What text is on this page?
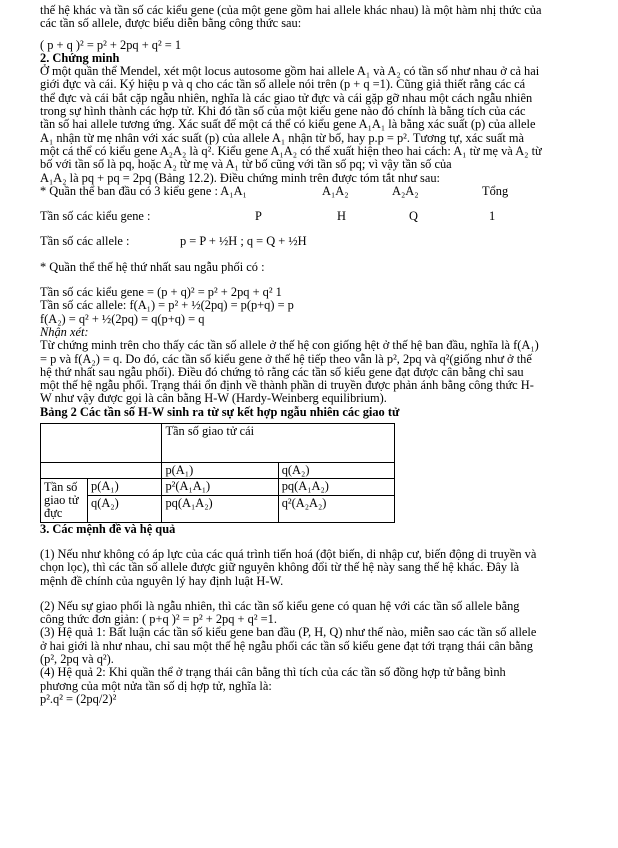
thế hệ khác và tần số các kiểu gene (của một gene gồm hai allele khác nhau) là một hàm nhị thức của

các tần số allele, được biểu diễn bằng công thức sau:

( p + q )² = p² + 2pq + q² = 1

2. Chứng minh

Ở một quần thể Mendel, xét một locus autosome gồm hai allele A₁ và A₂ có tần số như nhau ở cả hai

giới đực và cái. Ký hiệu p và q cho các tần số allele nói trên (p + q =1). Cũng giả thiết rằng các cá

thể đực và cái bắt cặp ngẫu nhiên, nghĩa là các giao tử đực và cái gặp gỡ nhau một cách ngẫu nhiên

trong sự hình thành các hợp tử. Khi đó tần số của một kiểu gene nào đó chính là bằng tích của các

tần số hai allele tương ứng. Xác suất để một cá thể có kiểu gene A₁A₁ là bằng xác suất (p) của allele

A₁ nhận từ mẹ nhân với xác suất (p) của allele A₁ nhận từ bố, hay p.p = p². Tương tự, xác suất mà

một cá thể có kiểu gene A₂A₂ là q². Kiểu gene A₁A₂ có thể xuất hiện theo hai cách: A₁ từ mẹ và A₂ từ

bố với tần số là pq, hoặc A₂ từ mẹ và A₁ từ bố cũng với tần số pq; vì vậy tần số của

A₁A₂ là pq + pq = 2pq (Bảng 12.2). Điều chứng minh trên được tóm tắt như sau:

* Quần thể ban đầu có 3 kiểu gene : A₁A₁	A₁A₂	A₂A₂	Tổng
Tần số các kiểu gene :	P	H	Q	1
Tần số các allele :	p = P + ½H ; q = Q + ½H

* Quần thể thế hệ thứ nhất sau ngẫu phối có :

Tần số các kiểu gene = (p + q)² = p² + 2pq + q² 1

Tần số các allele: f(A₁) = p² + ½(2pq) = p(p+q) = p

f(A₂) = q² + ½(2pq) = q(p+q) = q

Nhận xét:

Từ chứng minh trên cho thấy các tần số allele ở thế hệ con giống hệt ở thế hệ ban đầu, nghĩa là f(A₁)

= p và f(A₂) = q. Do đó, các tần số kiểu gene ở thế hệ tiếp theo vẫn là p², 2pq và q²(giống như ở thế

hệ thứ nhất sau ngẫu phối). Điều đó chứng tỏ rằng các tần số kiểu gene đạt được cân bằng chỉ sau

một thế hệ ngẫu phối. Trạng thái ổn định về thành phần di truyền được phản ánh bằng công thức H-

W như vậy được gọi là cân bằng H-W (Hardy-Weinberg equilibrium).

Bảng 2 Các tần số H-W sinh ra từ sự kết hợp ngẫu nhiên các giao tử

		Tần số giao tử cái	
		p(A₁)	q(A₂)
Tần số giao tử đực	p(A₁)	p²(A₁A₁)	pq(A₁A₂)
	q(A₂)	pq(A₁A₂)	q²(A₂A₂)

3. Các mệnh đề và hệ quả

(1) Nếu như không có áp lực của các quá trình tiến hoá (đột biến, di nhập cư, biến động di truyền và

chọn lọc), thì các tần số allele được giữ nguyên không đổi từ thế hệ này sang thế hệ khác. Đây là

mệnh đề chính của nguyên lý hay định luật H-W.

(2) Nếu sự giao phối là ngẫu nhiên, thì các tần số kiểu gene có quan hệ với các tần số allele bằng

công thức đơn giản: ( p+q )² = p² + 2pq + q² =1.

(3) Hệ quả 1: Bất luận các tần số kiểu gene ban đầu (P, H, Q) như thế nào, miễn sao các tần số allele

ở hai giới là như nhau, chỉ sau một thế hệ ngẫu phối các tần số kiểu gene đạt tới trạng thái cân bằng

(p², 2pq và q²).

(4) Hệ quả 2: Khi quần thể ở trạng thái cân bằng thì tích của các tần số đồng hợp tử bằng bình

phương của một nửa tần số dị hợp tử, nghĩa là:

p².q² = (2pq/2)²
